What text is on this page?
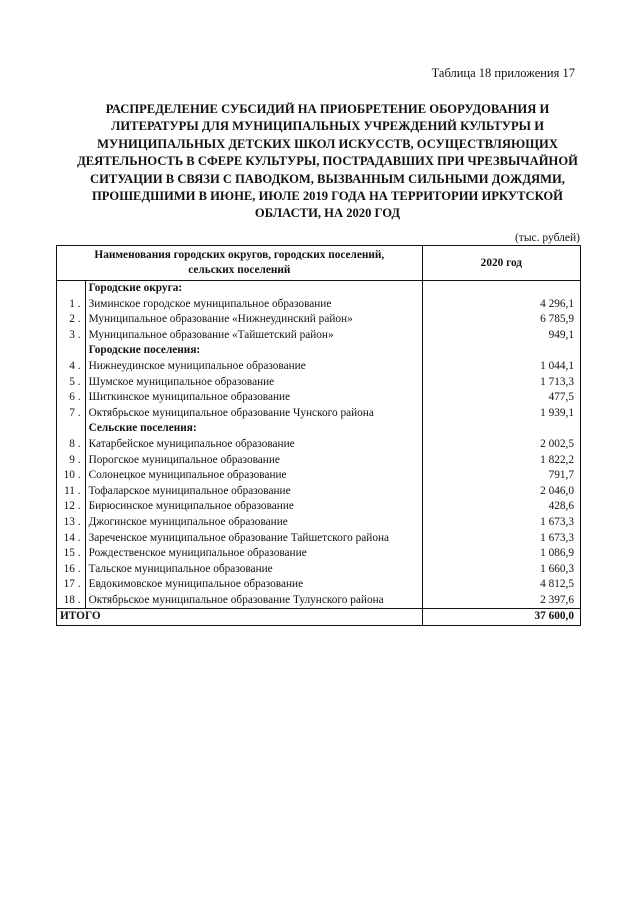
Таблица 18 приложения 17
РАСПРЕДЕЛЕНИЕ СУБСИДИЙ НА ПРИОБРЕТЕНИЕ ОБОРУДОВАНИЯ И
ЛИТЕРАТУРЫ ДЛЯ МУНИЦИПАЛЬНЫХ УЧРЕЖДЕНИЙ КУЛЬТУРЫ И
МУНИЦИПАЛЬНЫХ ДЕТСКИХ ШКОЛ ИСКУССТВ, ОСУЩЕСТВЛЯЮЩИХ
ДЕЯТЕЛЬНОСТЬ В СФЕРЕ КУЛЬТУРЫ, ПОСТРАДАВШИХ ПРИ ЧРЕЗВЫЧАЙНОЙ
СИТУАЦИИ В СВЯЗИ С ПАВОДКОМ, ВЫЗВАННЫМ СИЛЬНЫМИ ДОЖДЯМИ,
ПРОШЕДШИМИ В ИЮНЕ, ИЮЛЕ 2019 ГОДА НА ТЕРРИТОРИИ ИРКУТСКОЙ
ОБЛАСТИ, НА 2020 ГОД
(тыс. рублей)
Наименования городских округов, городских поселений,
сельских поселений		2020 год
	Городские округа:	
1 .	Зиминское городское муниципальное образование	4 296,1
2 .	Муниципальное образование «Нижнеудинский район»	6 785,9
3 .	Муниципальное образование «Тайшетский район»	949,1
	Городские поселения:	
4 .	Нижнеудинское муниципальное образование	1 044,1
5 .	Шумское муниципальное образование	1 713,3
6 .	Шиткинское муниципальное образование	477,5
7 .	Октябрьское муниципальное образование Чунского района	1 939,1
	Сельские поселения:	
8 .	Катарбейское муниципальное образование	2 002,5
9 .	Порогское муниципальное образование	1 822,2
10 .	Солонецкое муниципальное образование	791,7
11 .	Тофаларское муниципальное образование	2 046,0
12 .	Бирюсинское муниципальное образование	428,6
13 .	Джогинское муниципальное образование	1 673,3
14 .	Зареченское муниципальное образование Тайшетского района	1 673,3
15 .	Рождественское муниципальное образование	1 086,9
16 .	Тальское муниципальное образование	1 660,3
17 .	Евдокимовское муниципальное образование	4 812,5
18 .	Октябрьское муниципальное образование Тулунского района	2 397,6
ИТОГО		37 600,0
